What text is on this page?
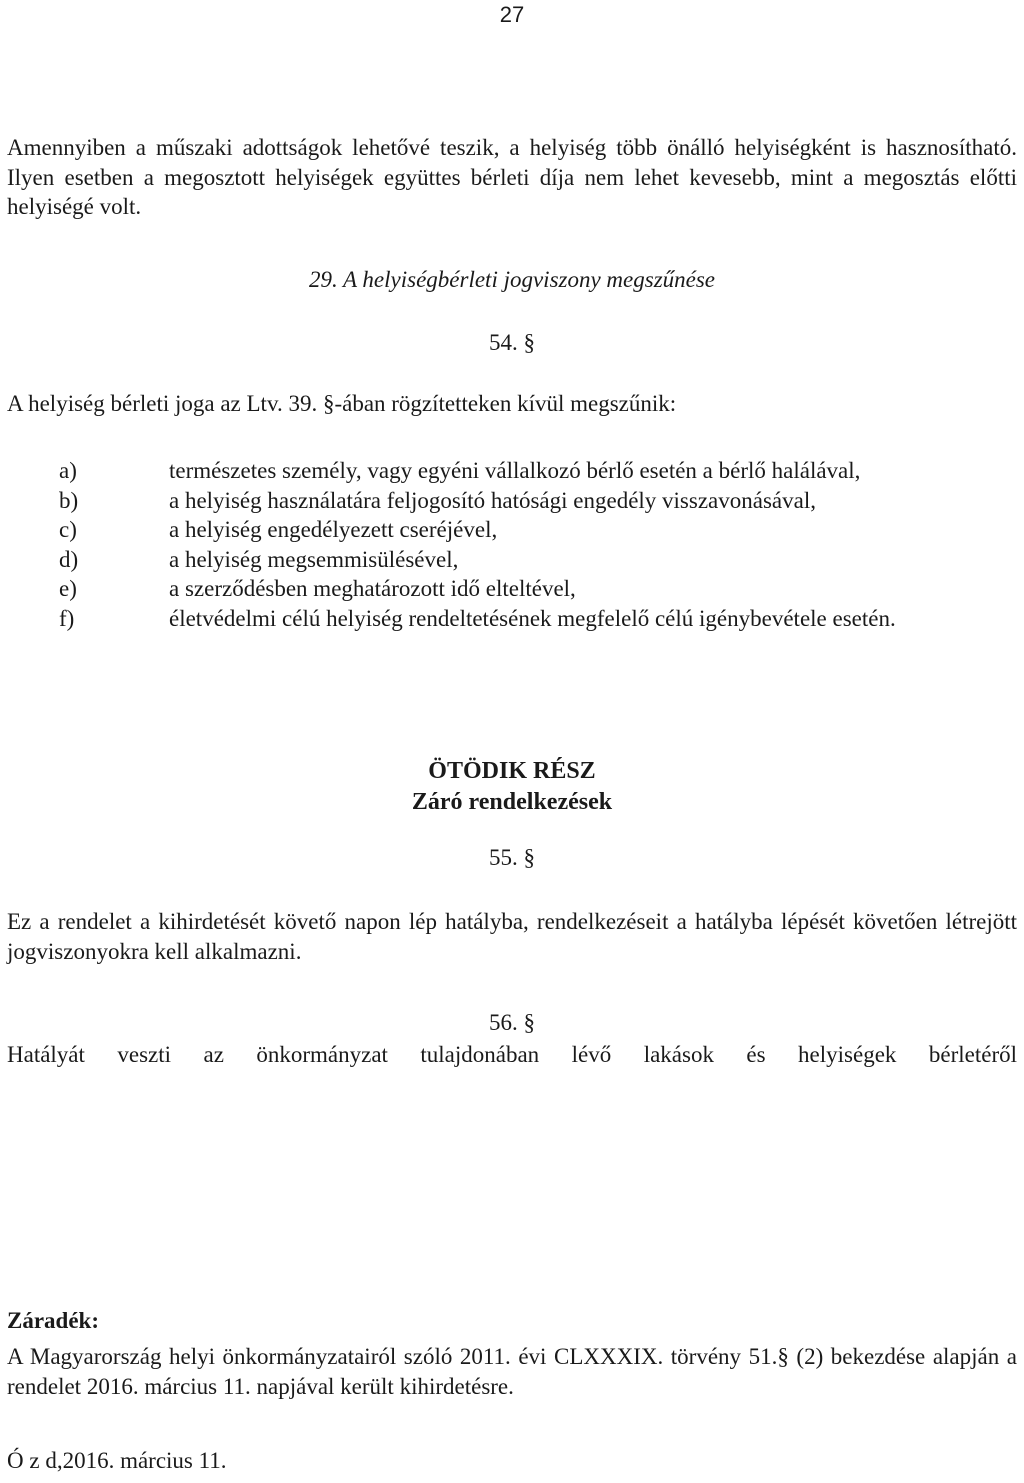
27
Amennyiben a műszaki adottságok lehetővé teszik, a helyiség több önálló helyiségként is hasznosítható. Ilyen esetben a megosztott helyiségek együttes bérleti díja nem lehet kevesebb, mint a megosztás előtti helyiségé volt.
29. A helyiségbérleti jogviszony megszűnése
54. §
A helyiség bérleti joga az Ltv. 39. §-ában rögzítetteken kívül megszűnik:
a)	természetes személy, vagy egyéni vállalkozó bérlő esetén a bérlő halálával,
b)	a helyiség használatára feljogosító hatósági engedély visszavonásával,
c)	a helyiség engedélyezett cseréjével,
d)	a helyiség megsemmisülésével,
e)	a szerződésben meghatározott idő elteltével,
f)	életvédelmi célú helyiség rendeltetésének megfelelő célú igénybevétele esetén.
ÖTÖDIK RÉSZ
Záró rendelkezések
55. §
Ez a rendelet a kihirdetését követő napon lép hatályba, rendelkezéseit a hatályba lépését követően létrejött jogviszonyokra kell alkalmazni.
56. §
Hatályát veszti az önkormányzat tulajdonában lévő lakások és helyiségek bérletéről
Záradék:
A Magyarország helyi önkormányzatairól szóló 2011. évi CLXXXIX. törvény 51.§ (2) bekezdése alapján a rendelet 2016. március 11. napjával került kihirdetésre.
Ó z d,2016. március 11.
